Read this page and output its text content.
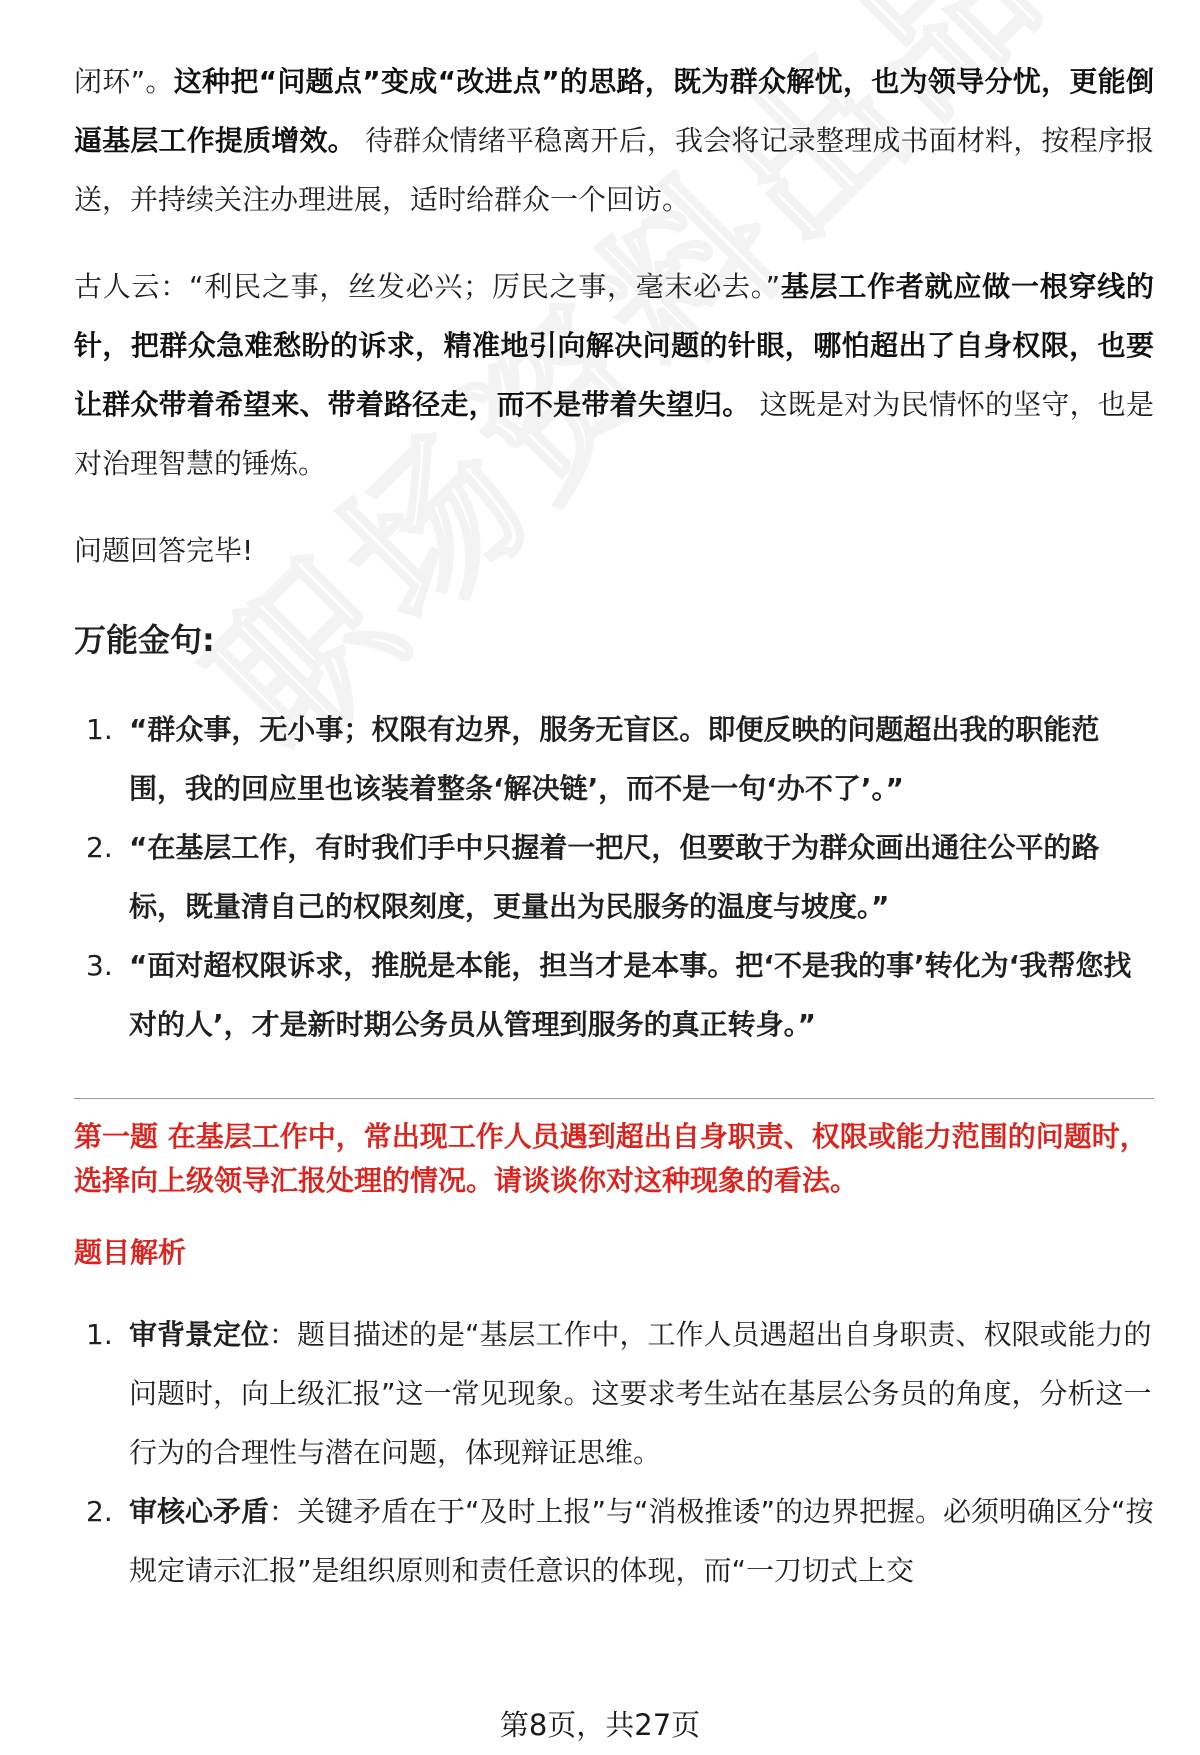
闭环”。这种把“问题点”变成“改进点”的思路，既为群众解忧，也为领导分忧，更能倒逼基层工作提质增效。 待群众情绪平稳离开后，我会将记录整理成书面材料，按程序报送，并持续关注办理进展，适时给群众一个回访。

古人云：“利民之事，丝发必兴；厉民之事，毫末必去。”基层工作者就应做一根穿线的针，把群众急难愁盼的诉求，精准地引向解决问题的针眼，哪怕超出了自身权限，也要让群众带着希望来、带着路径走，而不是带着失望归。 这既是对为民情怀的坚守，也是对治理智慧的锤炼。

问题回答完毕!

万能金句:
1. “群众事，无小事；权限有边界，服务无盲区。即便反映的问题超出我的职能范围，我的回应里也该装着整条‘解决链’，而不是一句‘办不了’。”
2. “在基层工作，有时我们手中只握着一把尺，但要敢于为群众画出通往公平的路标，既量清自己的权限刻度，更量出为民服务的温度与坡度。”
3. “面对超权限诉求，推脱是本能，担当才是本事。把‘不是我的事’转化为‘我帮您找对的人’，才是新时期公务员从管理到服务的真正转身。”

第一题 在基层工作中，常出现工作人员遇到超出自身职责、权限或能力范围的问题时，选择向上级领导汇报处理的情况。请谈谈你对这种现象的看法。

题目解析

1. 审背景定位：题目描述的是“基层工作中，工作人员遇超出自身职责、权限或能力的问题时，向上级汇报”这一常见现象。这要求考生站在基层公务员的角度，分析这一行为的合理性与潜在问题，体现辩证思维。
2. 审核心矛盾：关键矛盾在于“及时上报”与“消极推诿”的边界把握。必须明确区分“按规定请示汇报”是组织原则和责任意识的体现，而“一刀切式上交
第8页，共27页
